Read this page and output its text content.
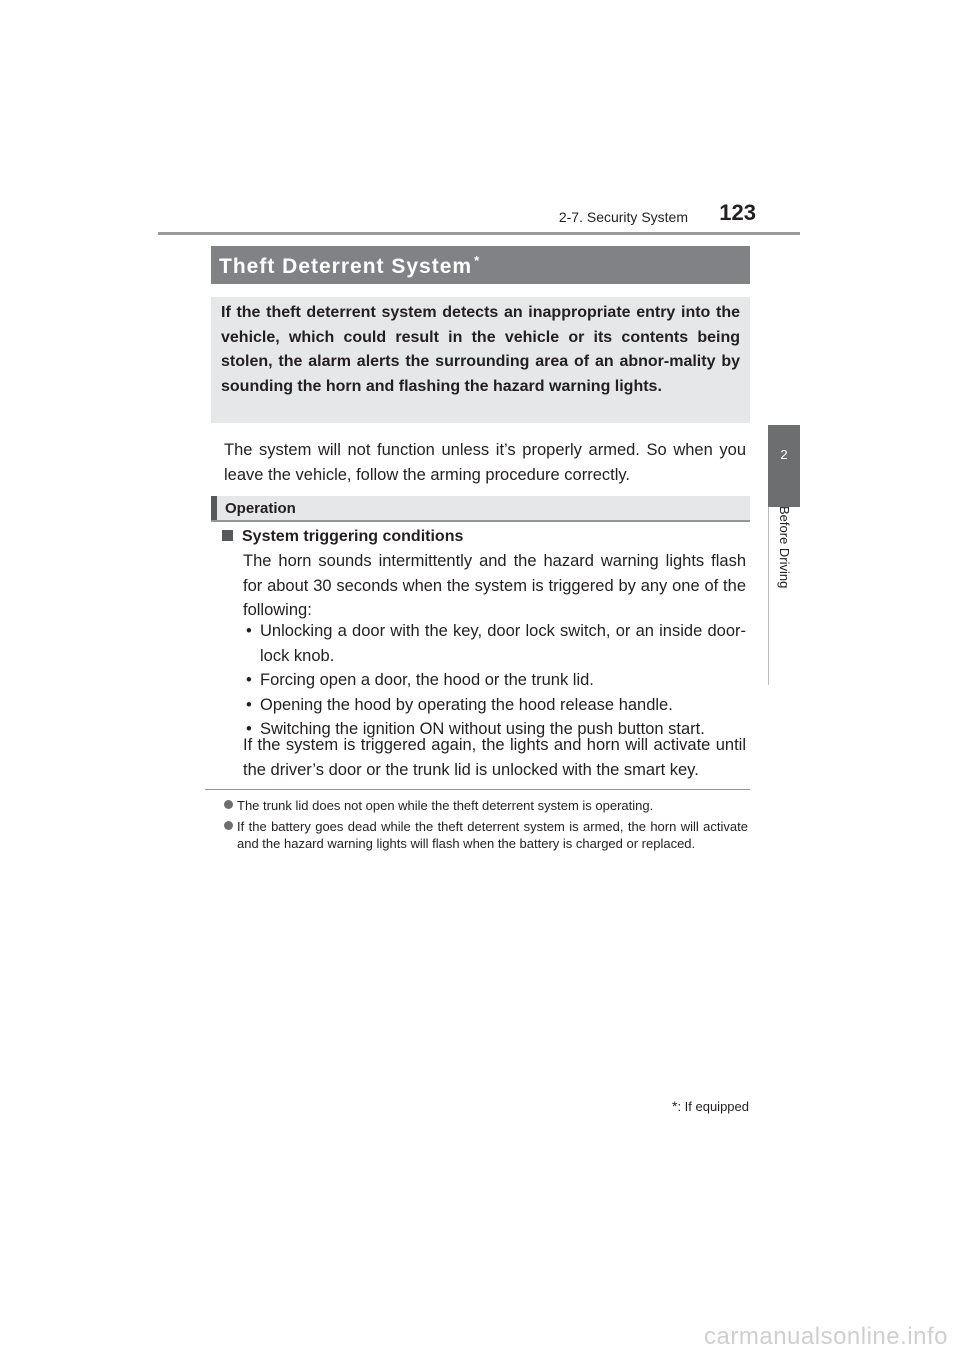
2-7. Security System 123
2
Before Driving
Theft Deterrent System *

If the theft deterrent system detects an inappropriate entry into the vehicle, which could result in the vehicle or its contents being stolen, the alarm alerts the surrounding area of an abnor-mality by sounding the horn and flashing the hazard warning lights.

The system will not function unless it’s properly armed. So when you leave the vehicle, follow the arming procedure correctly.

Operation
System triggering conditions

The horn sounds intermittently and the hazard warning lights flash for about 30 seconds when the system is triggered by any one of the following:

• Unlocking a door with the key, door lock switch, or an inside door-lock knob.
• Forcing open a door, the hood or the trunk lid.
• Opening the hood by operating the hood release handle.
• Switching the ignition ON without using the push button start.

If the system is triggered again, the lights and horn will activate until the driver’s door or the trunk lid is unlocked with the smart key.

The trunk lid does not open while the theft deterrent system is operating.
If the battery goes dead while the theft deterrent system is armed, the horn will activate and the hazard warning lights will flash when the battery is charged or replaced.
*: If equipped
carmanualsonline.info
